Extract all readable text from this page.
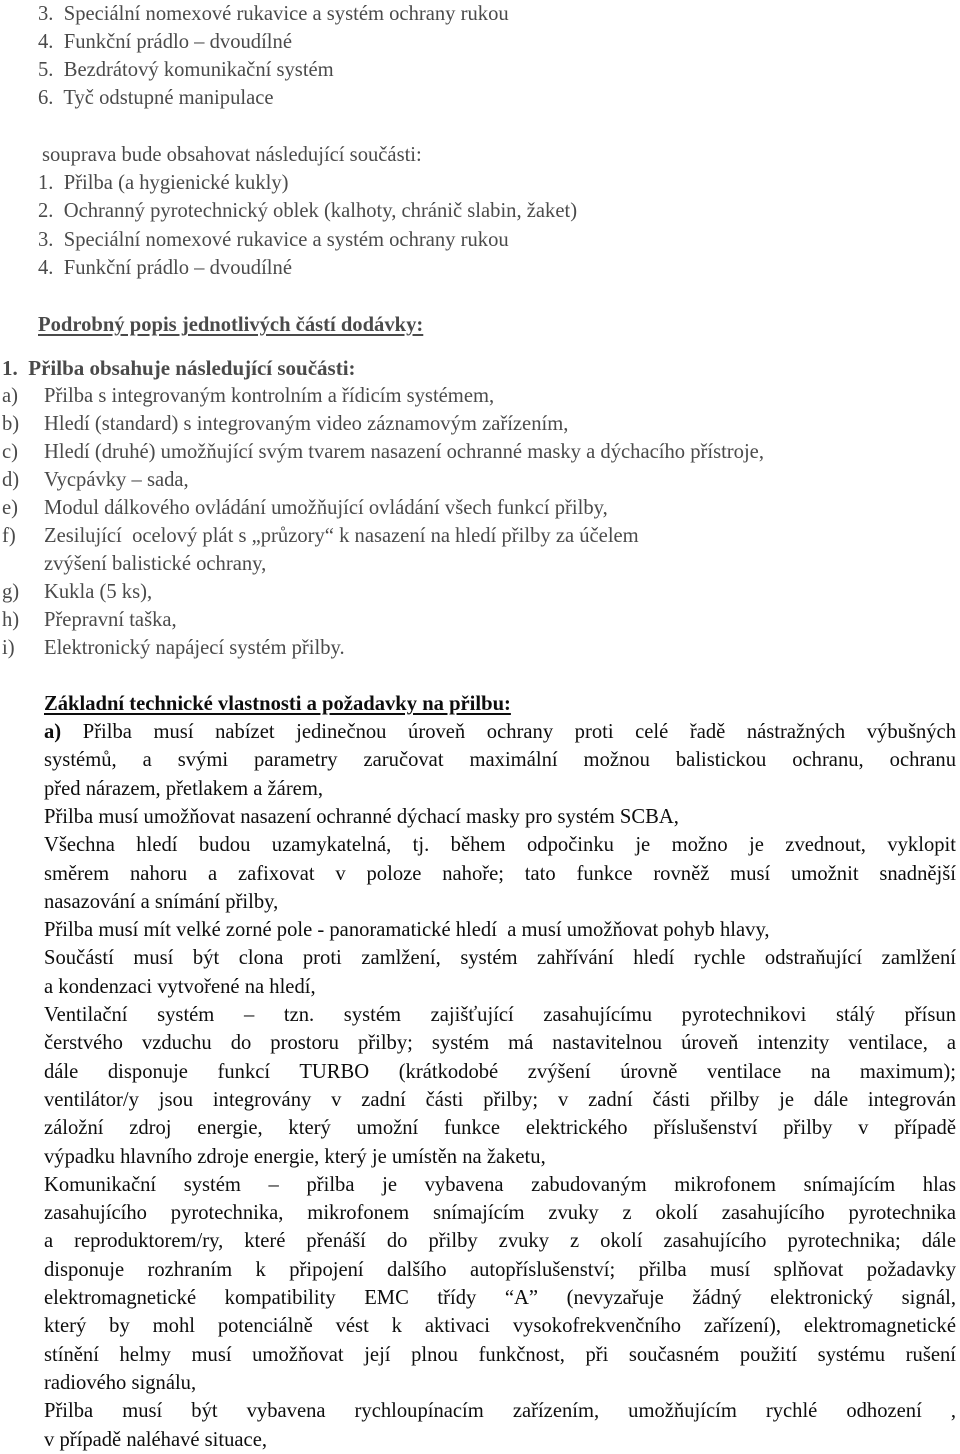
3.  Speciální nomexové rukavice a systém ochrany rukou
4.  Funkční prádlo – dvoudílné
5.  Bezdrátový komunikační systém
6.  Tyč odstupné manipulace
souprava bude obsahovat následující součásti:
1.  Přilba (a hygienické kukly)
2.  Ochranný pyrotechnický oblek (kalhoty, chránič slabin, žaket)
3.  Speciální nomexové rukavice a systém ochrany rukou
4.  Funkční prádlo – dvoudílné
Podrobný popis jednotlivých částí dodávky:
1.  Přilba obsahuje následující součásti:
a) Přilba s integrovaným kontrolním a řídicím systémem,
b) Hledí (standard) s integrovaným video záznamovým zařízením,
c) Hledí (druhé) umožňující svým tvarem nasazení ochranné masky a dýchacího přístroje,
d) Vycpávky – sada,
e) Modul dálkového ovládání umožňující ovládání všech funkcí přilby,
f) Zesilující  ocelový plát s „průzory“ k nasazení na hledí přilby za účelem
zvýšení balistické ochrany,
g) Kukla (5 ks),
h) Přepravní taška,
i) Elektronický napájecí systém přilby.
Základní technické vlastnosti a požadavky na přilbu:
a) Přilba musí nabízet jedinečnou úroveň ochrany proti celé řadě nástražných výbušných
systémů, a svými parametry zaručovat maximální možnou balistickou ochranu, ochranu
před nárazem, přetlakem a žárem,
Přilba musí umožňovat nasazení ochranné dýchací masky pro systém SCBA,
Všechna hledí budou uzamykatelná, tj. během odpočinku je možno je zvednout, vyklopit
směrem nahoru a zafixovat v poloze nahoře; tato funkce rovněž musí umožnit snadnější
nasazování a snímání přilby,
Přilba musí mít velké zorné pole - panoramatické hledí  a musí umožňovat pohyb hlavy,
Součástí musí být clona proti zamlžení, systém zahřívání hledí rychle odstraňující zamlžení
a kondenzaci vytvořené na hledí,
Ventilační systém – tzn. systém zajišťující zasahujícímu pyrotechnikovi stálý přísun
čerstvého vzduchu do prostoru přilby; systém má nastavitelnou úroveň intenzity ventilace, a
dále disponuje funkcí TURBO (krátkodobé zvýšení úrovně ventilace na maximum);
ventilátor/y jsou integrovány v zadní části přilby; v zadní části přilby je dále integrován
záložní zdroj energie, který umožní funkce elektrického příslušenství přilby v případě
výpadku hlavního zdroje energie, který je umístěn na žaketu,
Komunikační systém – přilba je vybavena zabudovaným mikrofonem snímajícím hlas
zasahujícího pyrotechnika, mikrofonem snímajícím zvuky z okolí zasahujícího pyrotechnika
a reproduktorem/ry, které přenáší do přilby zvuky z okolí zasahujícího pyrotechnika; dále
disponuje rozhraním k připojení dalšího autopříslušenství; přilba musí splňovat požadavky
elektromagnetické kompatibility EMC třídy “A” (nevyzařuje žádný elektronický signál,
který by mohl potenciálně vést k aktivaci vysokofrekvenčního zařízení), elektromagnetické
stínění helmy musí umožňovat její plnou funkčnost, při současném použití systému rušení
radiového signálu,
Přilba musí být vybavena rychloupínacím zařízením, umožňujícím rychlé odhození ,
v případě naléhavé situace,
